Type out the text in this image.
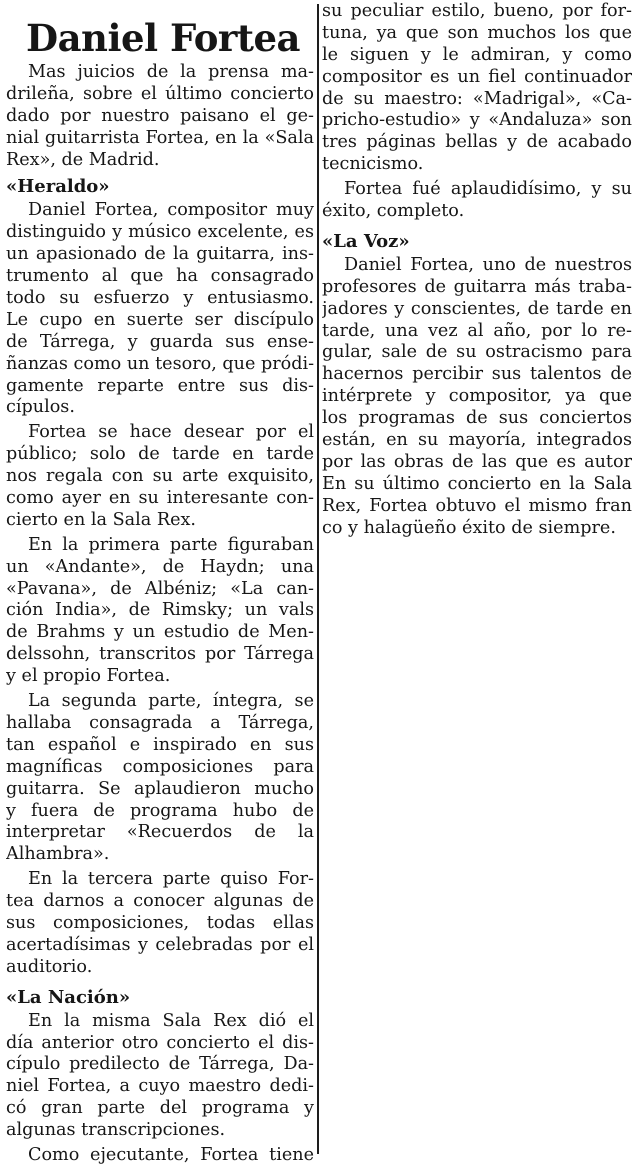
Daniel Fortea
Mas juicios de la prensa ma-
drileña, sobre el último concierto
dado por nuestro paisano el ge-
nial guitarrista Fortea, en la «Sala
Rex», de Madrid.
«Heraldo»
Daniel Fortea, compositor muy
distinguido y músico excelente, es
un apasionado de la guitarra, ins-
trumento al que ha consagrado
todo su esfuerzo y entusiasmo.
Le cupo en suerte ser discípulo
de Tárrega, y guarda sus ense-
ñanzas como un tesoro, que pródi-
gamente reparte entre sus dis-
cípulos.
Fortea se hace desear por el
público; solo de tarde en tarde
nos regala con su arte exquisito,
como ayer en su interesante con-
cierto en la Sala Rex.
En la primera parte figuraban
un «Andante», de Haydn; una
«Pavana», de Albéniz; «La can-
ción India», de Rimsky; un vals
de Brahms y un estudio de Men-
delssohn, transcritos por Tárrega
y el propio Fortea.
La segunda parte, íntegra, se
hallaba consagrada a Tárrega,
tan español e inspirado en sus
magníficas composiciones para
guitarra. Se aplaudieron mucho
y fuera de programa hubo de
interpretar «Recuerdos de la
Alhambra».
En la tercera parte quiso For-
tea darnos a conocer algunas de
sus composiciones, todas ellas
acertadísimas y celebradas por el
auditorio.
«La Nación»
En la misma Sala Rex dió el
día anterior otro concierto el dis-
cípulo predilecto de Tárrega, Da-
niel Fortea, a cuyo maestro dedi-
có gran parte del programa y
algunas transcripciones.
Como ejecutante, Fortea tiene
su peculiar estilo, bueno, por for-
tuna, ya que son muchos los que
le siguen y le admiran, y como
compositor es un fiel continuador
de su maestro: «Madrigal», «Ca-
pricho-estudio» y «Andaluza» son
tres páginas bellas y de acabado
tecnicismo.
Fortea fué aplaudidísimo, y su
éxito, completo.
«La Voz»
Daniel Fortea, uno de nuestros
profesores de guitarra más traba-
jadores y conscientes, de tarde en
tarde, una vez al año, por lo re-
gular, sale de su ostracismo para
hacernos percibir sus talentos de
intérprete y compositor, ya que
los programas de sus conciertos
están, en su mayoría, integrados
por las obras de las que es autor
En su último concierto en la Sala
Rex, Fortea obtuvo el mismo fran
co y halagüeño éxito de siempre.
